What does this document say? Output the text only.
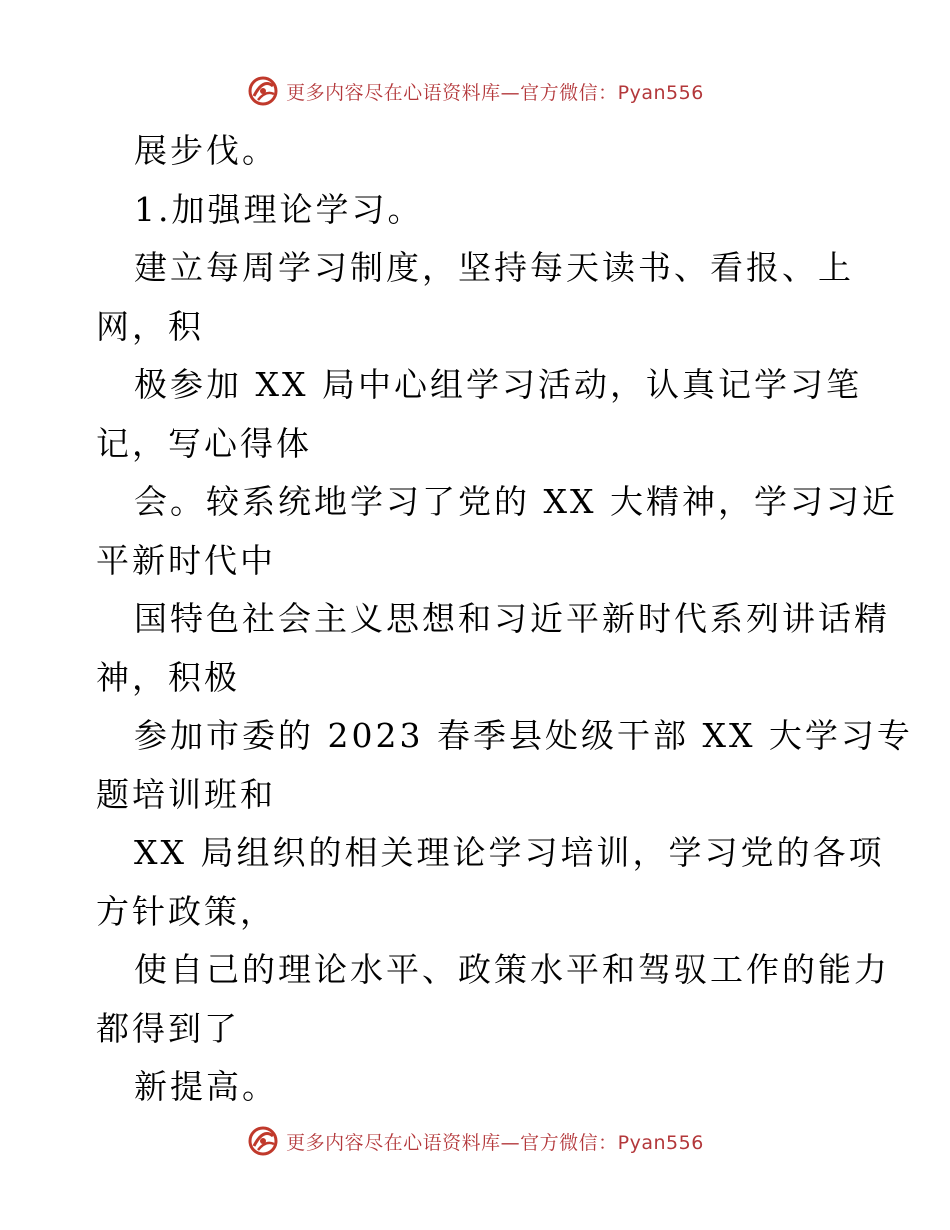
更多内容尽在心语资料库—官方微信：Pyan556
展步伐。
1.加强理论学习。
建立每周学习制度，坚持每天读书、看报、上
网，积
极参加 XX 局中心组学习活动，认真记学习笔
记，写心得体
会。较系统地学习了党的 XX 大精神，学习习近
平新时代中
国特色社会主义思想和习近平新时代系列讲话精
神，积极
参加市委的 2023 春季县处级干部 XX 大学习专
题培训班和
XX 局组织的相关理论学习培训，学习党的各项
方针政策，
使自己的理论水平、政策水平和驾驭工作的能力
都得到了
新提高。
更多内容尽在心语资料库—官方微信：Pyan556
